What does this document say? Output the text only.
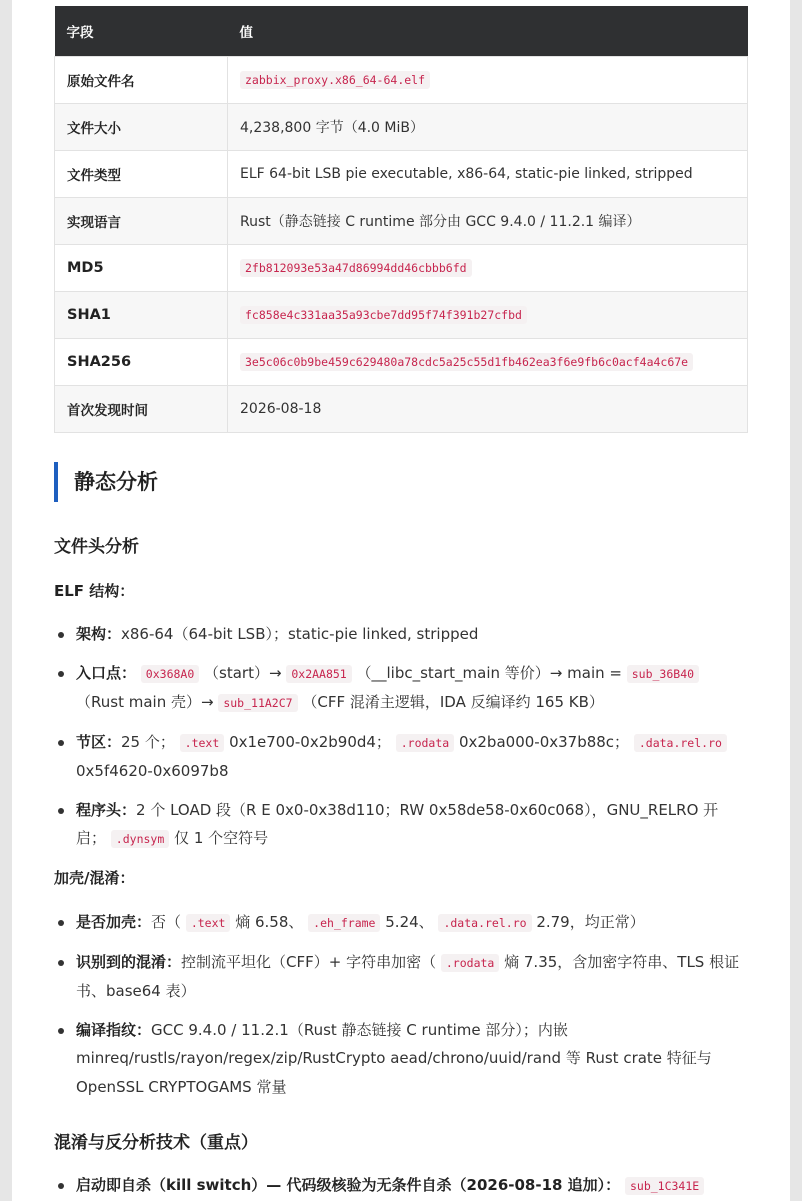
字段	值
原始文件名	zabbix_proxy.x86_64-64.elf
文件大小	4,238,800 字节（4.0 MiB）
文件类型	ELF 64-bit LSB pie executable, x86-64, static-pie linked, stripped
实现语言	Rust（静态链接 C runtime 部分由 GCC 9.4.0 / 11.2.1 编译）
MD5	2fb812093e53a47d86994dd46cbbb6fd
SHA1	fc858e4c331aa35a93cbe7dd95f74f391b27cfbd
SHA256	3e5c06c0b9be459c629480a78cdc5a25c55d1fb462ea3f6e9fb6c0acf4a4c67e
首次发现时间	2026-08-18
静态分析
文件头分析
ELF 结构：
架构：x86-64（64-bit LSB）；static-pie linked, stripped
入口点： 0x368A0 （start）→ 0x2AA851 （__libc_start_main 等价）→ main = sub_36B40 （Rust main 壳）→ sub_11A2C7 （CFF 混淆主逻辑，IDA 反编译约 165 KB）
节区：25 个； .text 0x1e700-0x2b90d4； .rodata 0x2ba000-0x37b88c； .data.rel.ro 0x5f4620-0x6097b8
程序头：2 个 LOAD 段（R E 0x0-0x38d110；RW 0x58de58-0x60c068），GNU_RELRO 开启； .dynsym 仅 1 个空符号
加壳/混淆：
是否加壳：否（ .text 熵 6.58、 .eh_frame 5.24、 .data.rel.ro 2.79，均正常）
识别到的混淆：控制流平坦化（CFF）+ 字符串加密（ .rodata 熵 7.35，含加密字符串、TLS 根证书、base64 表）
编译指纹：GCC 9.4.0 / 11.2.1（Rust 静态链接 C runtime 部分）；内嵌 minreq/rustls/rayon/regex/zip/RustCrypto aead/chrono/uuid/rand 等 Rust crate 特征与 OpenSSL CRYPTOGAMS 常量
混淆与反分析技术（重点）
启动即自杀（kill switch）— 代码级核验为无条件自杀（2026-08-18 追加）： sub_1C341E
